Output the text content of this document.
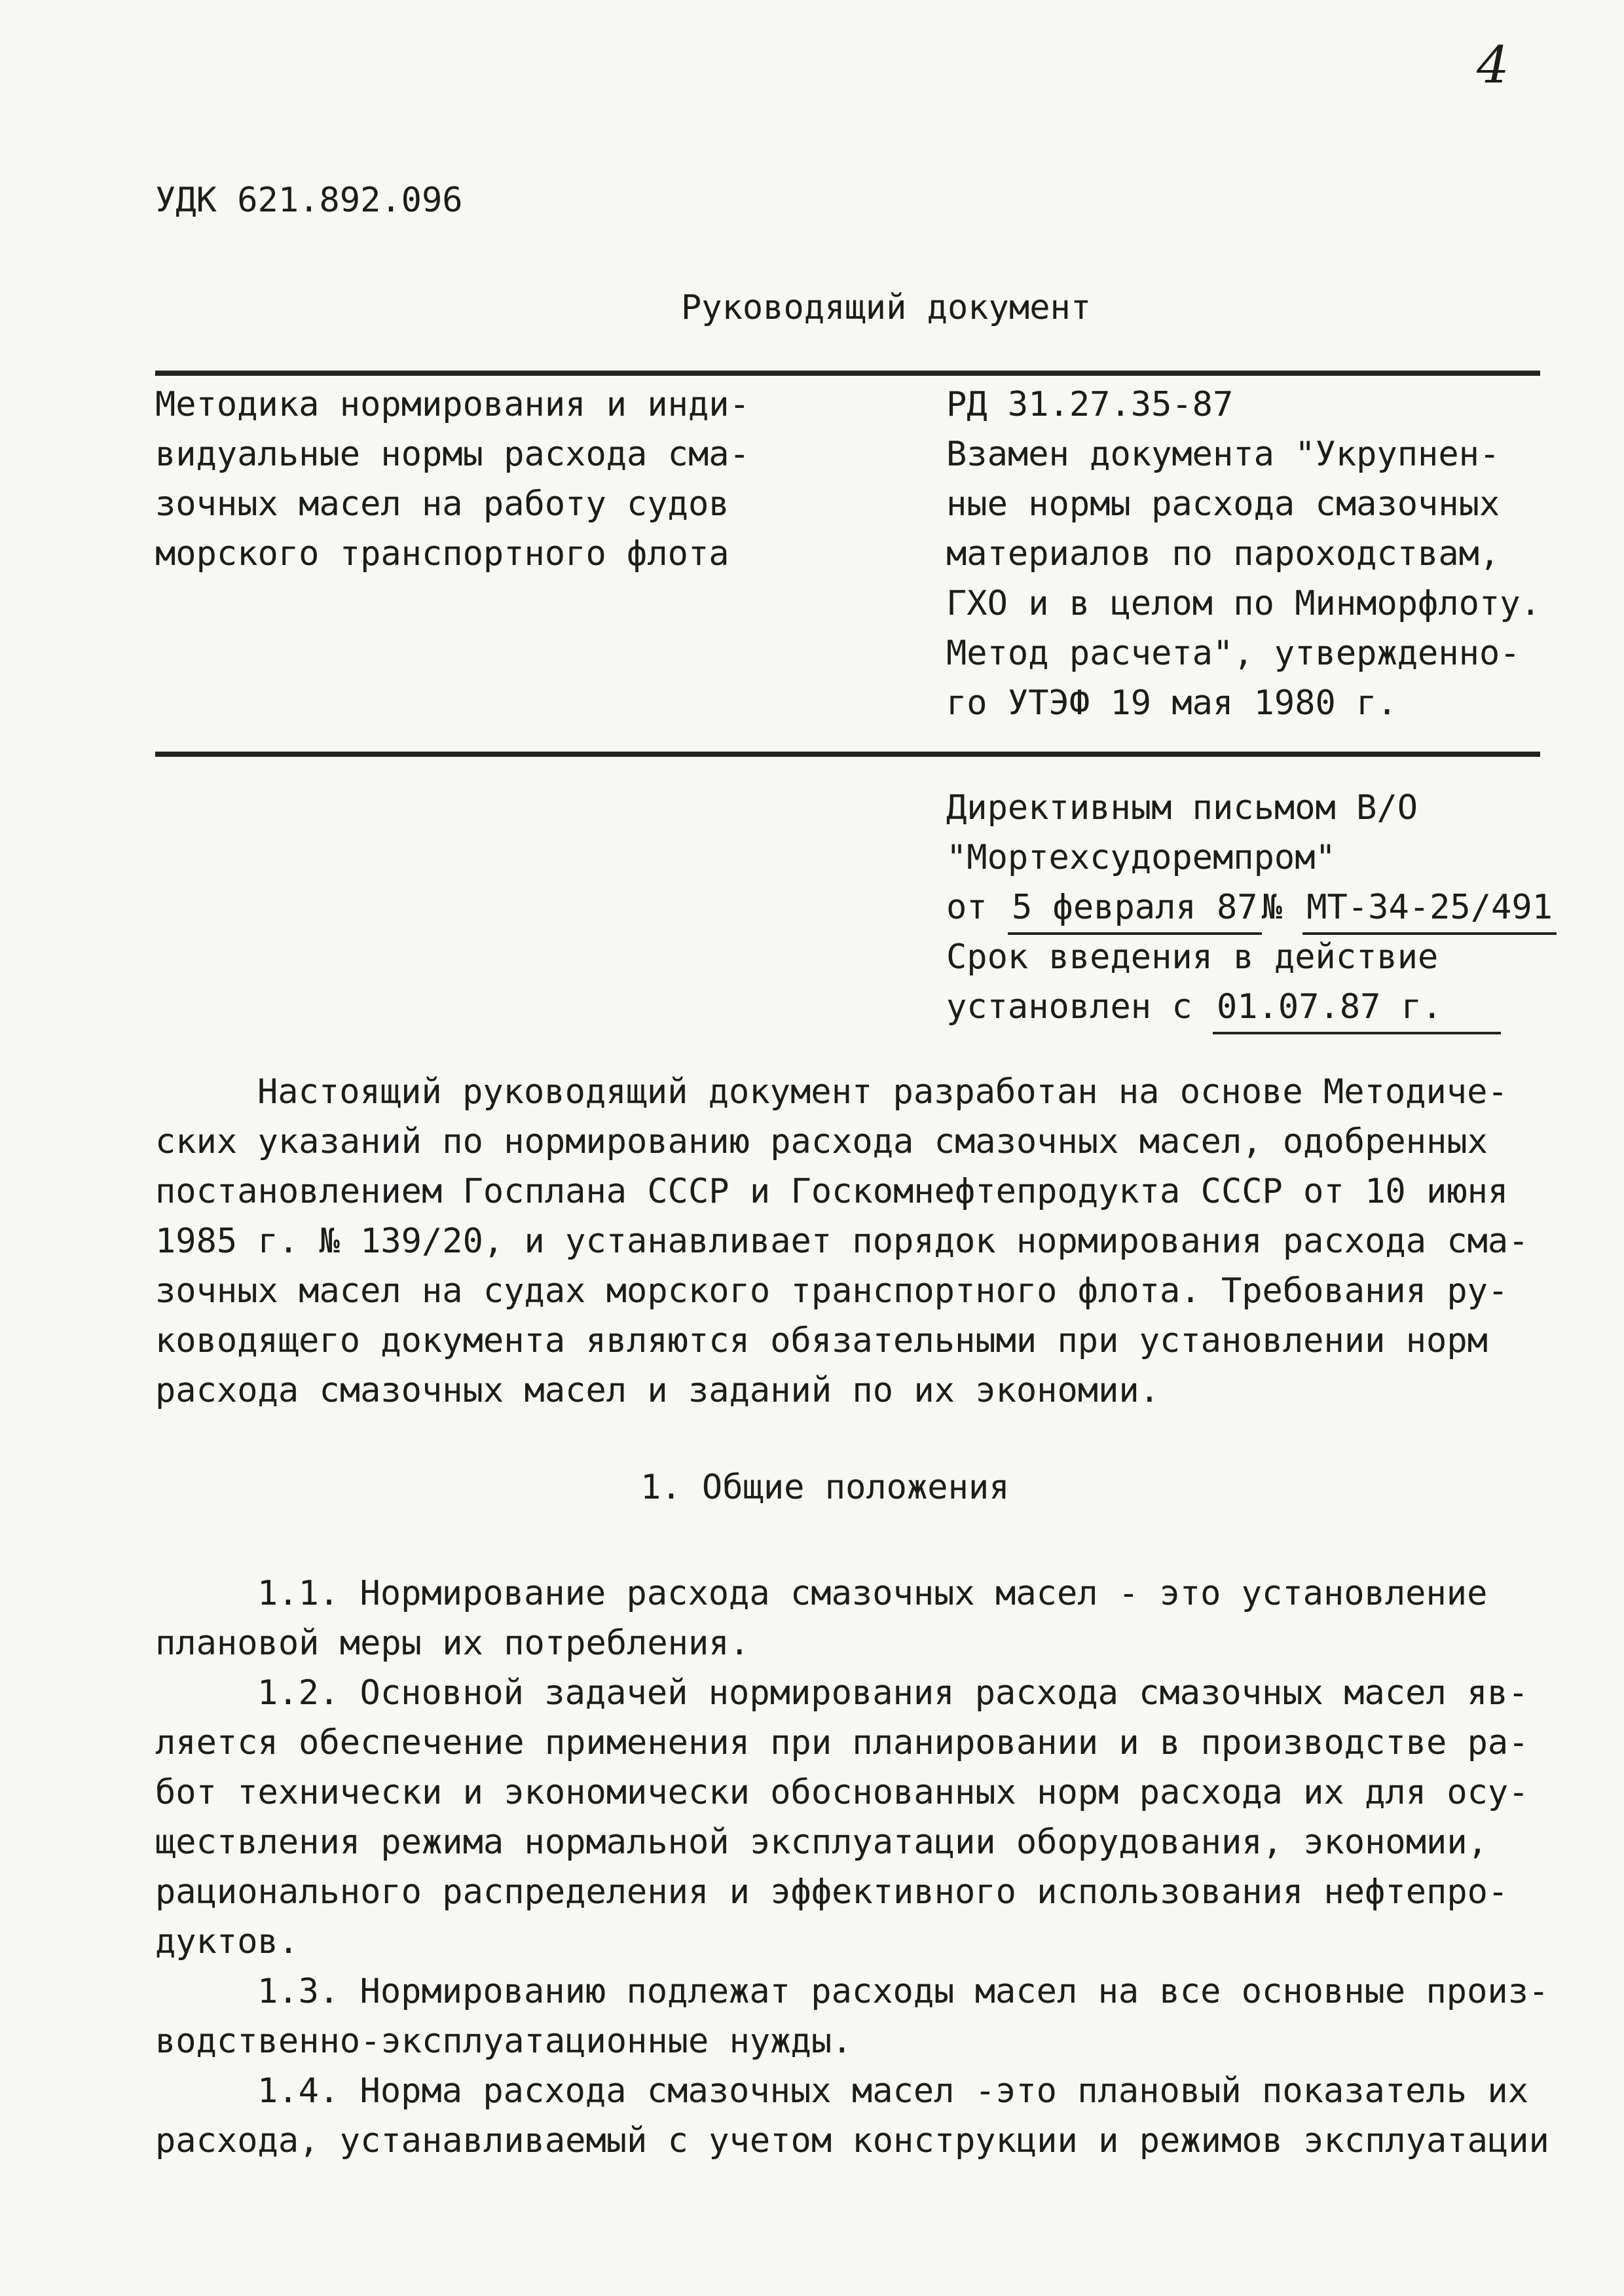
4
УДК 621.892.096
Руководящий документ
Методика нормирования и инди-
видуальные нормы расхода сма-
зочных масел на работу судов
морского транспортного флота
РД 31.27.35-87
Взамен документа "Укрупнен-
ные нормы расхода смазочных
материалов по пароходствам,
ГХО и в целом по Минморфлоту.
Метод расчета", утвержденно-
го УТЭФ 19 мая 1980 г.
Директивным письмом В/О
"Мортехсудоремпром"
от 5 февраля 87 № МТ-34-25/491
Срок введения в действие
установлен с 01.07.87 г.
Настоящий руководящий документ разработан на основе Методиче-
ских указаний по нормированию расхода смазочных масел, одобренных
постановлением Госплана СССР и Госкомнефтепродукта СССР от 10 июня
1985 г. № 139/20, и устанавливает порядок нормирования расхода сма-
зочных масел на судах морского транспортного флота. Требования ру-
ководящего документа являются обязательными при установлении норм
расхода смазочных масел и заданий по их экономии.
1. Общие положения
1.1. Нормирование расхода смазочных масел - это установление
плановой меры их потребления.
1.2. Основной задачей нормирования расхода смазочных масел яв-
ляется обеспечение применения при планировании и в производстве ра-
бот технически и экономически обоснованных норм расхода их для осу-
ществления режима нормальной эксплуатации оборудования, экономии,
рационального распределения и эффективного использования нефтепро-
дуктов.
1.3. Нормированию подлежат расходы масел на все основные произ-
водственно-эксплуатационные нужды.
1.4. Норма расхода смазочных масел -это плановый показатель их
расхода, устанавливаемый с учетом конструкции и режимов эксплуатации
